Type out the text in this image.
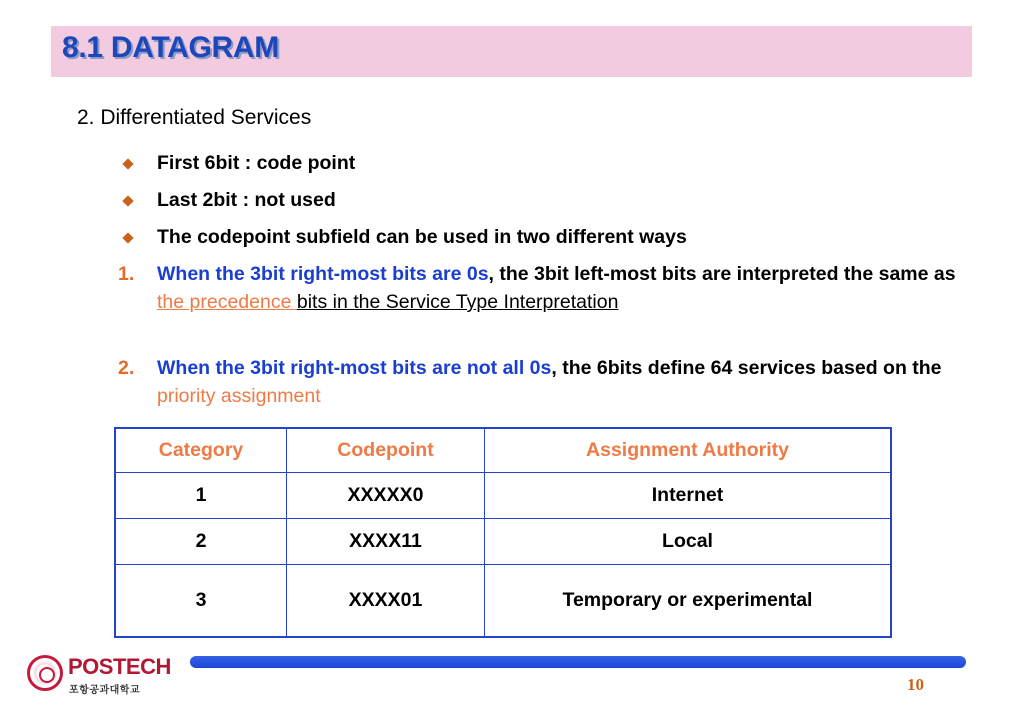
8.1 DATAGRAM
2. Differentiated Services
First 6bit : code point
Last 2bit : not used
The codepoint subfield can be used in two different ways
1. When the 3bit right-most bits are 0s, the 3bit left-most bits are interpreted the same as the precedence bits in the Service Type Interpretation
2. When the 3bit right-most bits are not all 0s, the 6bits define 64 services based on the priority assignment
Category	Codepoint	Assignment Authority
1	XXXXX0	Internet
2	XXXX11	Local
3	XXXX01	Temporary or experimental
POSTECH
포항공과대학교	10
